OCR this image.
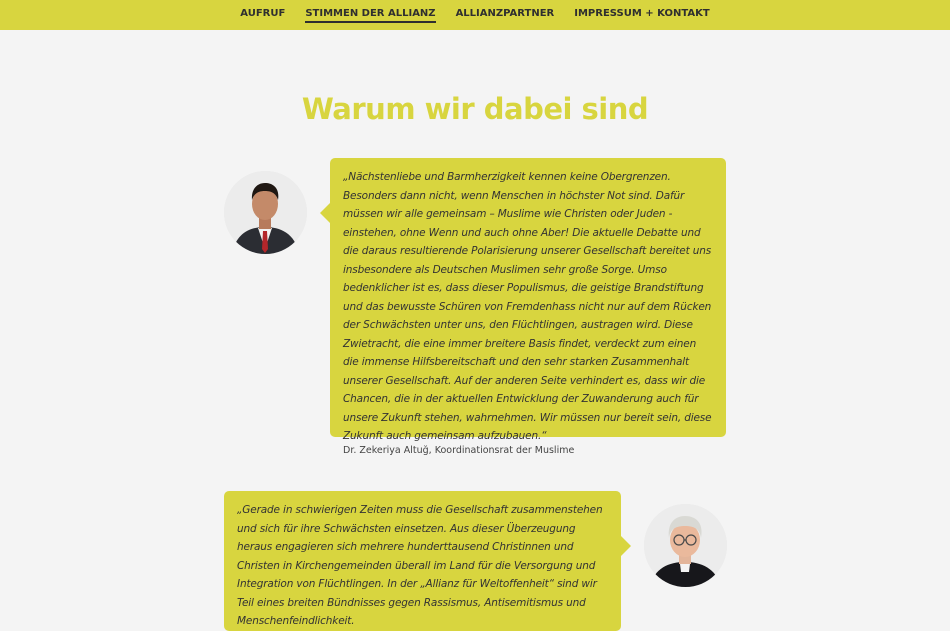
AUFRUF STIMMEN DER ALLIANZ ALLIANZPARTNER IMPRESSUM + KONTAKT
Warum wir dabei sind

„Nächstenliebe und Barmherzigkeit kennen keine Obergrenzen. Besonders dann nicht, wenn Menschen in höchster Not sind. Dafür müssen wir alle gemeinsam – Muslime wie Christen oder Juden - einstehen, ohne Wenn und auch ohne Aber! Die aktuelle Debatte und die daraus resultierende Polarisierung unserer Gesellschaft bereitet uns insbesondere als Deutschen Muslimen sehr große Sorge. Umso bedenklicher ist es, dass dieser Populismus, die geistige Brandstiftung und das bewusste Schüren von Fremdenhass nicht nur auf dem Rücken der Schwächsten unter uns, den Flüchtlingen, austragen wird. Diese Zwietracht, die eine immer breitere Basis findet, verdeckt zum einen die immense Hilfsbereitschaft und den sehr starken Zusammenhalt unserer Gesellschaft. Auf der anderen Seite verhindert es, dass wir die Chancen, die in der aktuellen Entwicklung der Zuwanderung auch für unsere Zukunft stehen, wahrnehmen. Wir müssen nur bereit sein, diese Zukunft auch gemeinsam aufzubauen.“

Dr. Zekeriya Altuğ, Koordinationsrat der Muslime

„Gerade in schwierigen Zeiten muss die Gesellschaft zusammenstehen und sich für ihre Schwächsten einsetzen. Aus dieser Überzeugung heraus engagieren sich mehrere hunderttausend Christinnen und Christen in Kirchengemeinden überall im Land für die Versorgung und Integration von Flüchtlingen. In der „Allianz für Weltoffenheit“ sind wir Teil eines breiten Bündnisses gegen Rassismus, Antisemitismus und Menschenfeindlichkeit.
